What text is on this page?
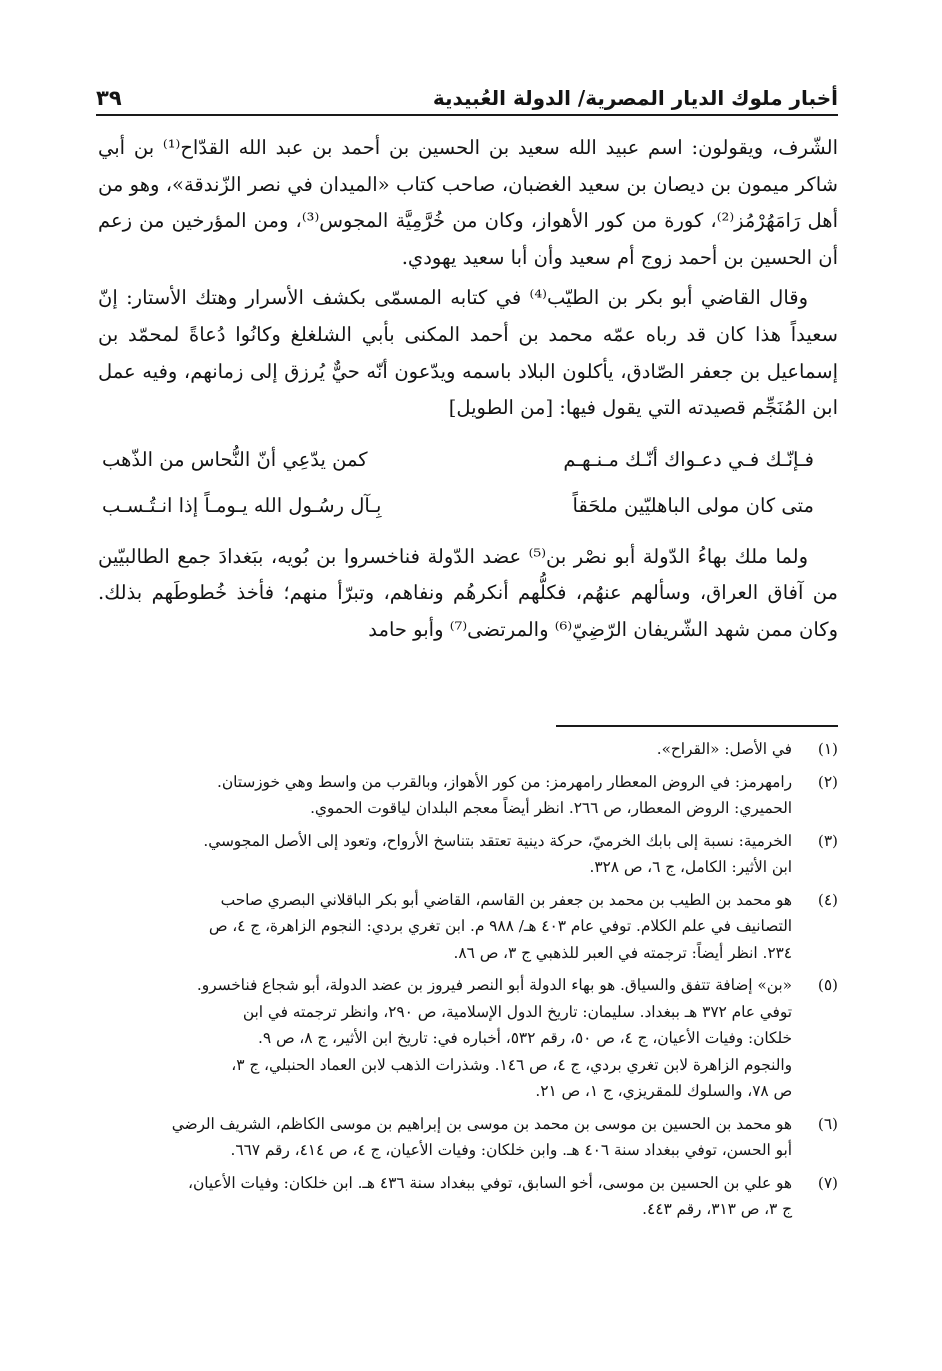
أخبار ملوك الديار المصرية/ الدولة العُبيدية
٣٩

الشّرف، ويقولون: اسم عبيد الله سعيد بن الحسين بن أحمد بن عبد الله القدّاح⁽¹⁾ بن أبي شاكر ميمون بن ديصان بن سعيد الغضبان، صاحب كتاب «الميدان في نصر الزّندقة»، وهو من أهل رَامَهُرْمُز⁽²⁾، كورة من كور الأهواز، وكان من خُرَّمِيَّة المجوس⁽³⁾، ومن المؤرخين من زعم أن الحسين بن أحمد زوج أم سعيد وأن أبا سعيد يهودي.

وقال القاضي أبو بكر بن الطيّب⁽⁴⁾ في كتابه المسمّى بكشف الأسرار وهتك الأستار: إنّ سعيداً هذا كان قد رباه عمّه محمد بن أحمد المكنى بأبي الشلغلغ وكانُوا دُعاةً لمحمّد بن إسماعيل بن جعفر الصّادق، يأكلون البلاد باسمه ويدّعون أنّه حيٌّ يُرزق إلى زمانهم، وفيه عمل ابن المُنَجِّم قصيدته التي يقول فيها: [من الطويل]

فـإنّـك فـي دعـواك أنّـك مـنـهـم
كمن يدّعِي أنّ النُّحاس من الذّهب
متى كان مولى الباهليّين ملحَقاً
بِـآل رسُـول الله يـومـاً إذا انـتُـسـب

ولما ملك بهاءُ الدّولة أبو نصْر بن⁽⁵⁾ عضد الدّولة فناخسروا بن بُويه، ببَغدادَ جمع الطالبيّين من آفاق العراق، وسألهم عنهُم، فكلُّهم أنكرهُم ونفاهم، وتبرّأ منهم؛ فأخذ خُطوطَهم بذلك. وكان ممن شهد الشّريفان الرّضِيّ⁽⁶⁾ والمرتضى⁽⁷⁾ وأبو حامد

(١)
في الأصل: «القراح».
(٢)
رامهرمز: في الروض المعطار رامهرمز: من كور الأهواز، وبالقرب من واسط وهي خوزستان.
الحميري: الروض المعطار، ص ٢٦٦. انظر أيضاً معجم البلدان لياقوت الحموي.
(٣)
الخرمية: نسبة إلى بابك الخرميّ، حركة دينية تعتقد بتناسخ الأرواح، وتعود إلى الأصل المجوسي.
ابن الأثير: الكامل، ج ٦، ص ٣٢٨.
(٤)
هو محمد بن الطيب بن محمد بن جعفر بن القاسم، القاضي أبو بكر الباقلاني البصري صاحب
التصانيف في علم الكلام. توفي عام ٤٠٣ هـ/ ٩٨٨ م. ابن تغري بردي: النجوم الزاهرة، ج ٤، ص
٢٣٤. انظر أيضاً: ترجمته في العبر للذهبي ج ٣، ص ٨٦.
(٥)
«بن» إضافة تتفق والسياق. هو بهاء الدولة أبو النصر فيروز بن عضد الدولة، أبو شجاع فناخسرو.
توفي عام ٣٧٢ هـ ببغداد. سليمان: تاريخ الدول الإسلامية، ص ٢٩٠، وانظر ترجمته في ابن
خلكان: وفيات الأعيان، ج ٤، ص ٥٠، رقم ٥٣٢، أخباره في: تاريخ ابن الأثير، ج ٨، ص ٩.
والنجوم الزاهرة لابن تغري بردي، ج ٤، ص ١٤٦. وشذرات الذهب لابن العماد الحنبلي، ج ٣،
ص ٧٨، والسلوك للمقريزي، ج ١، ص ٢١.
(٦)
هو محمد بن الحسين بن موسى بن محمد بن موسى بن إبراهيم بن موسى الكاظم، الشريف الرضي
أبو الحسن، توفي ببغداد سنة ٤٠٦ هـ. وابن خلكان: وفيات الأعيان، ج ٤، ص ٤١٤، رقم ٦٦٧.
(٧)
هو علي بن الحسين بن موسى، أخو السابق، توفي ببغداد سنة ٤٣٦ هـ. ابن خلكان: وفيات الأعيان،
ج ٣، ص ٣١٣، رقم ٤٤٣.
